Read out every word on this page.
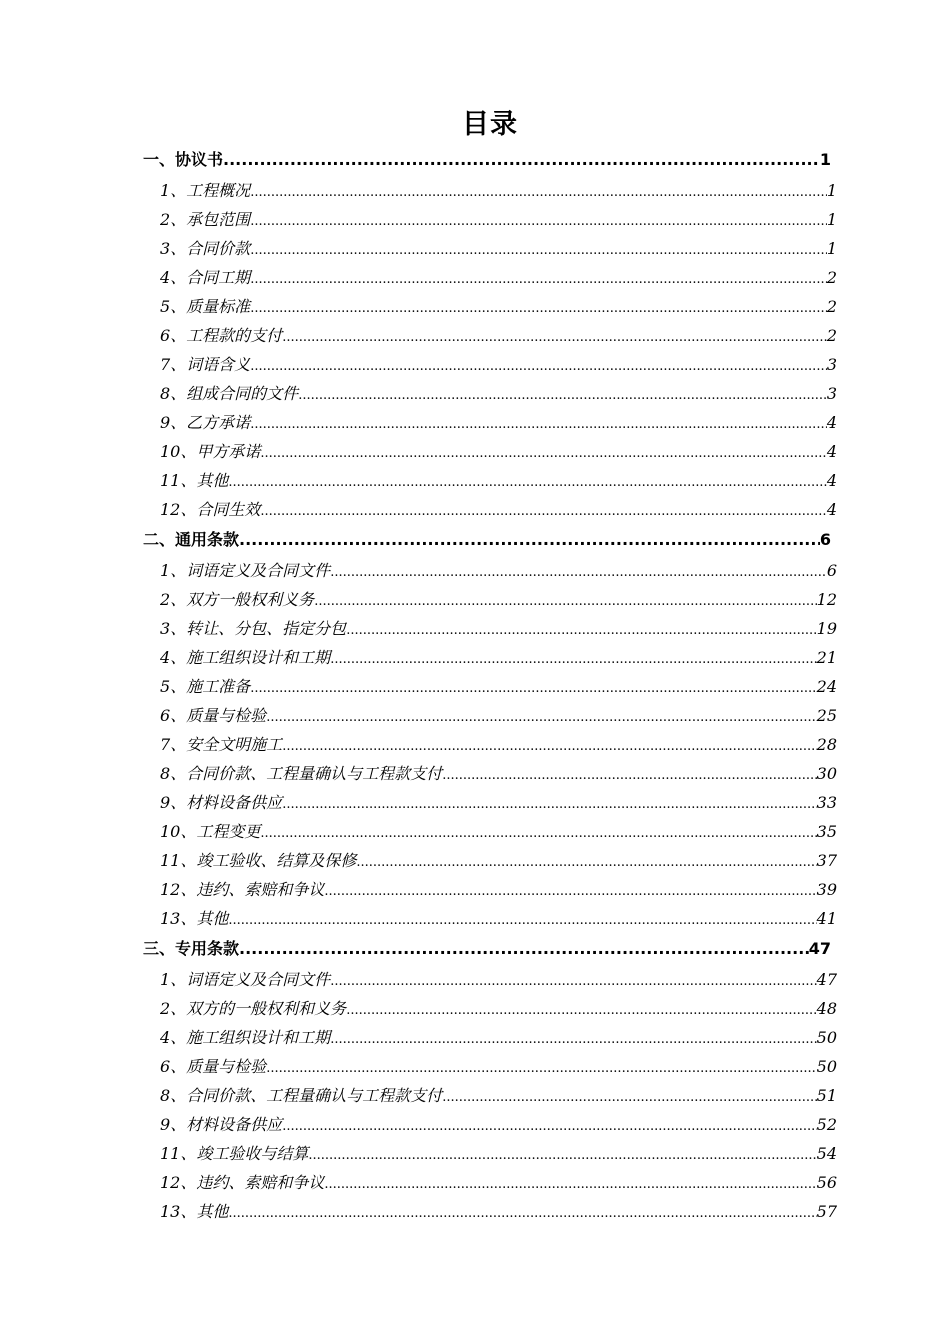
目录
一、协议书 .....	1
1、工程概况 .....	1
2、承包范围 .....	1
3、合同价款 .....	1
4、合同工期 .....	2
5、质量标准 .....	2
6、工程款的支付 .....	2
7、词语含义 .....	3
8、组成合同的文件 .....	3
9、乙方承诺 .....	4
10、甲方承诺 .....	4
11、其他 .....	4
12、合同生效 .....	4
二、通用条款 .....	6
1、词语定义及合同文件 .....	6
2、双方一般权利义务 .....	12
3、转让、分包、指定分包 .....	19
4、施工组织设计和工期 .....	21
5、施工准备 .....	24
6、质量与检验 .....	25
7、安全文明施工 .....	28
8、合同价款、工程量确认与工程款支付 .....	30
9、材料设备供应 .....	33
10、工程变更 .....	35
11、竣工验收、结算及保修 .....	37
12、违约、索赔和争议 .....	39
13、其他 .....	41
三、专用条款 .....	47
1、词语定义及合同文件 .....	47
2、双方的一般权利和义务 .....	48
4、施工组织设计和工期 .....	50
6、质量与检验 .....	50
8、合同价款、工程量确认与工程款支付 .....	51
9、材料设备供应 .....	52
11、竣工验收与结算 .....	54
12、违约、索赔和争议 .....	56
13、其他 .....	57
